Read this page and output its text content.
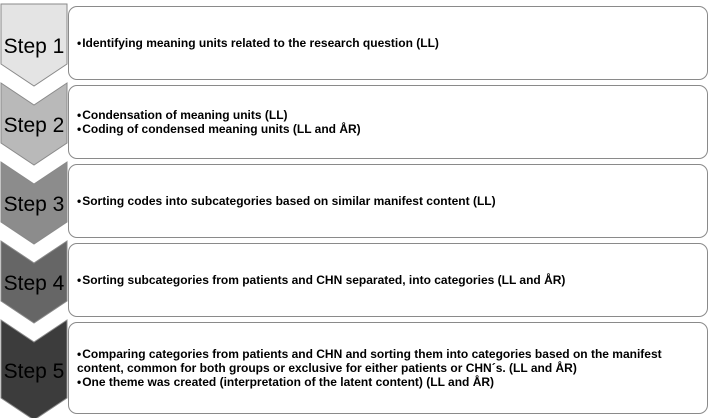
Step 1
Step 2
Step 3
Step 4
Step 5
•Identifying meaning units related to the research question (LL)
•Condensation of meaning units (LL)
•Coding of condensed meaning units (LL and ÅR)
•Sorting codes into subcategories based on similar manifest content (LL)
•Sorting subcategories from patients and CHN separated, into categories (LL and ÅR)
•Comparing categories from patients and CHN and sorting them into categories based on the manifest content, common for both groups or exclusive for either patients or CHN´s. (LL and ÅR)
•One theme was created (interpretation of the latent content) (LL and ÅR)
